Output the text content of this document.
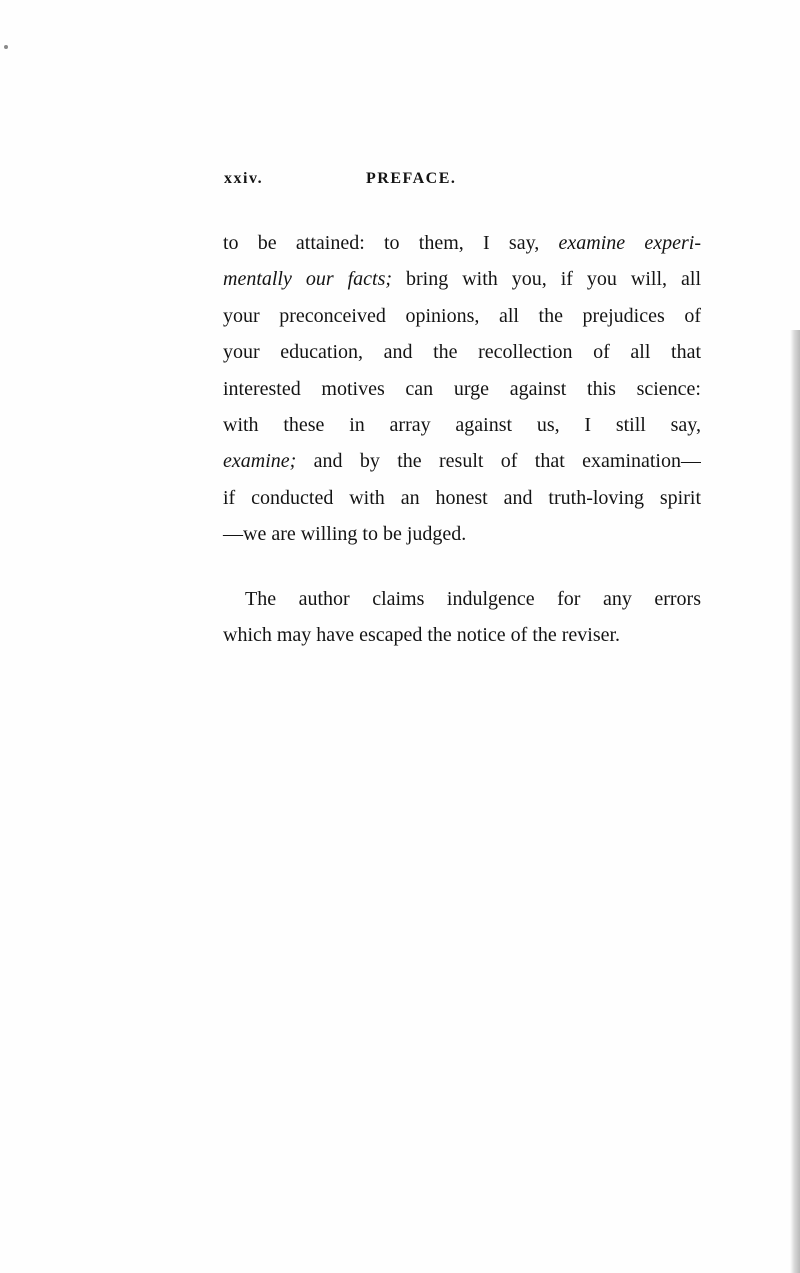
xxiv.	PREFACE.
to be attained: to them, I say, examine experi-
mentally our facts; bring with you, if you will, all
your preconceived opinions, all the prejudices of
your education, and the recollection of all that
interested motives can urge against this science:
with these in array against us, I still say,
examine; and by the result of that examination—
if conducted with an honest and truth-loving spirit
—we are willing to be judged.
The author claims indulgence for any errors
which may have escaped the notice of the reviser.
